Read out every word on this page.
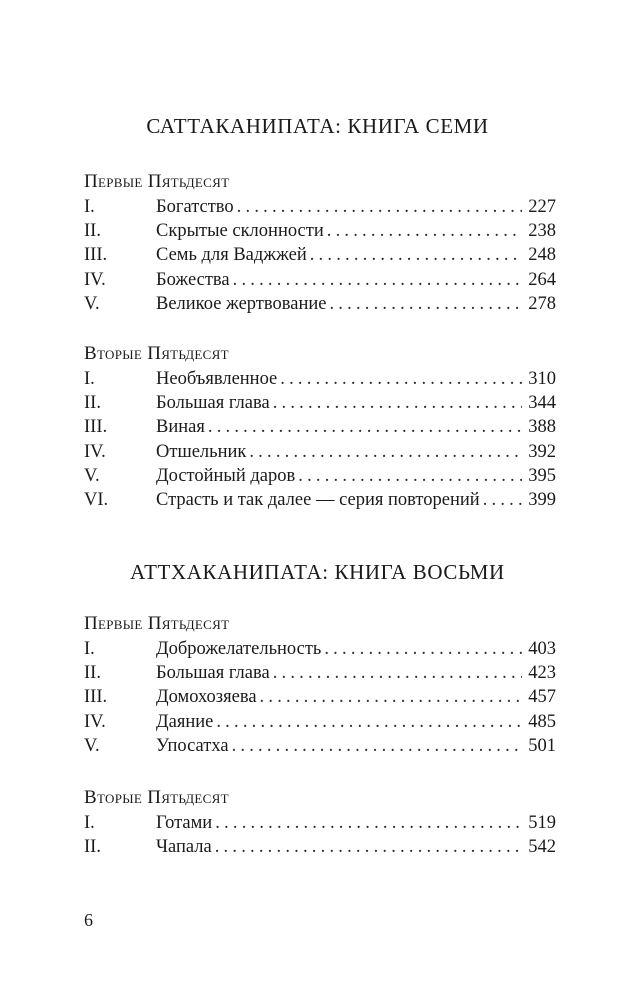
САТТАКАНИПАТА: КНИГА СЕМИ
Первые Пятьдесят
I.	Богатство .....	227
II.	Скрытые склонности .....	238
III.	Семь для Ваджжей .....	248
IV.	Божества .....	264
V.	Великое жертвование .....	278
Вторые Пятьдесят
I.	Необъявленное .....	310
II.	Большая глава .....	344
III.	Виная .....	388
IV.	Отшельник .....	392
V.	Достойный даров .....	395
VI.	Страсть и так далее — серия повторений .....	399
АТТХАКАНИПАТА: КНИГА ВОСЬМИ
Первые Пятьдесят
I.	Доброжелательность .....	403
II.	Большая глава .....	423
III.	Домохозяева .....	457
IV.	Даяние .....	485
V.	Упосатха .....	501
Вторые Пятьдесят
I.	Готами .....	519
II.	Чапала .....	542

6
